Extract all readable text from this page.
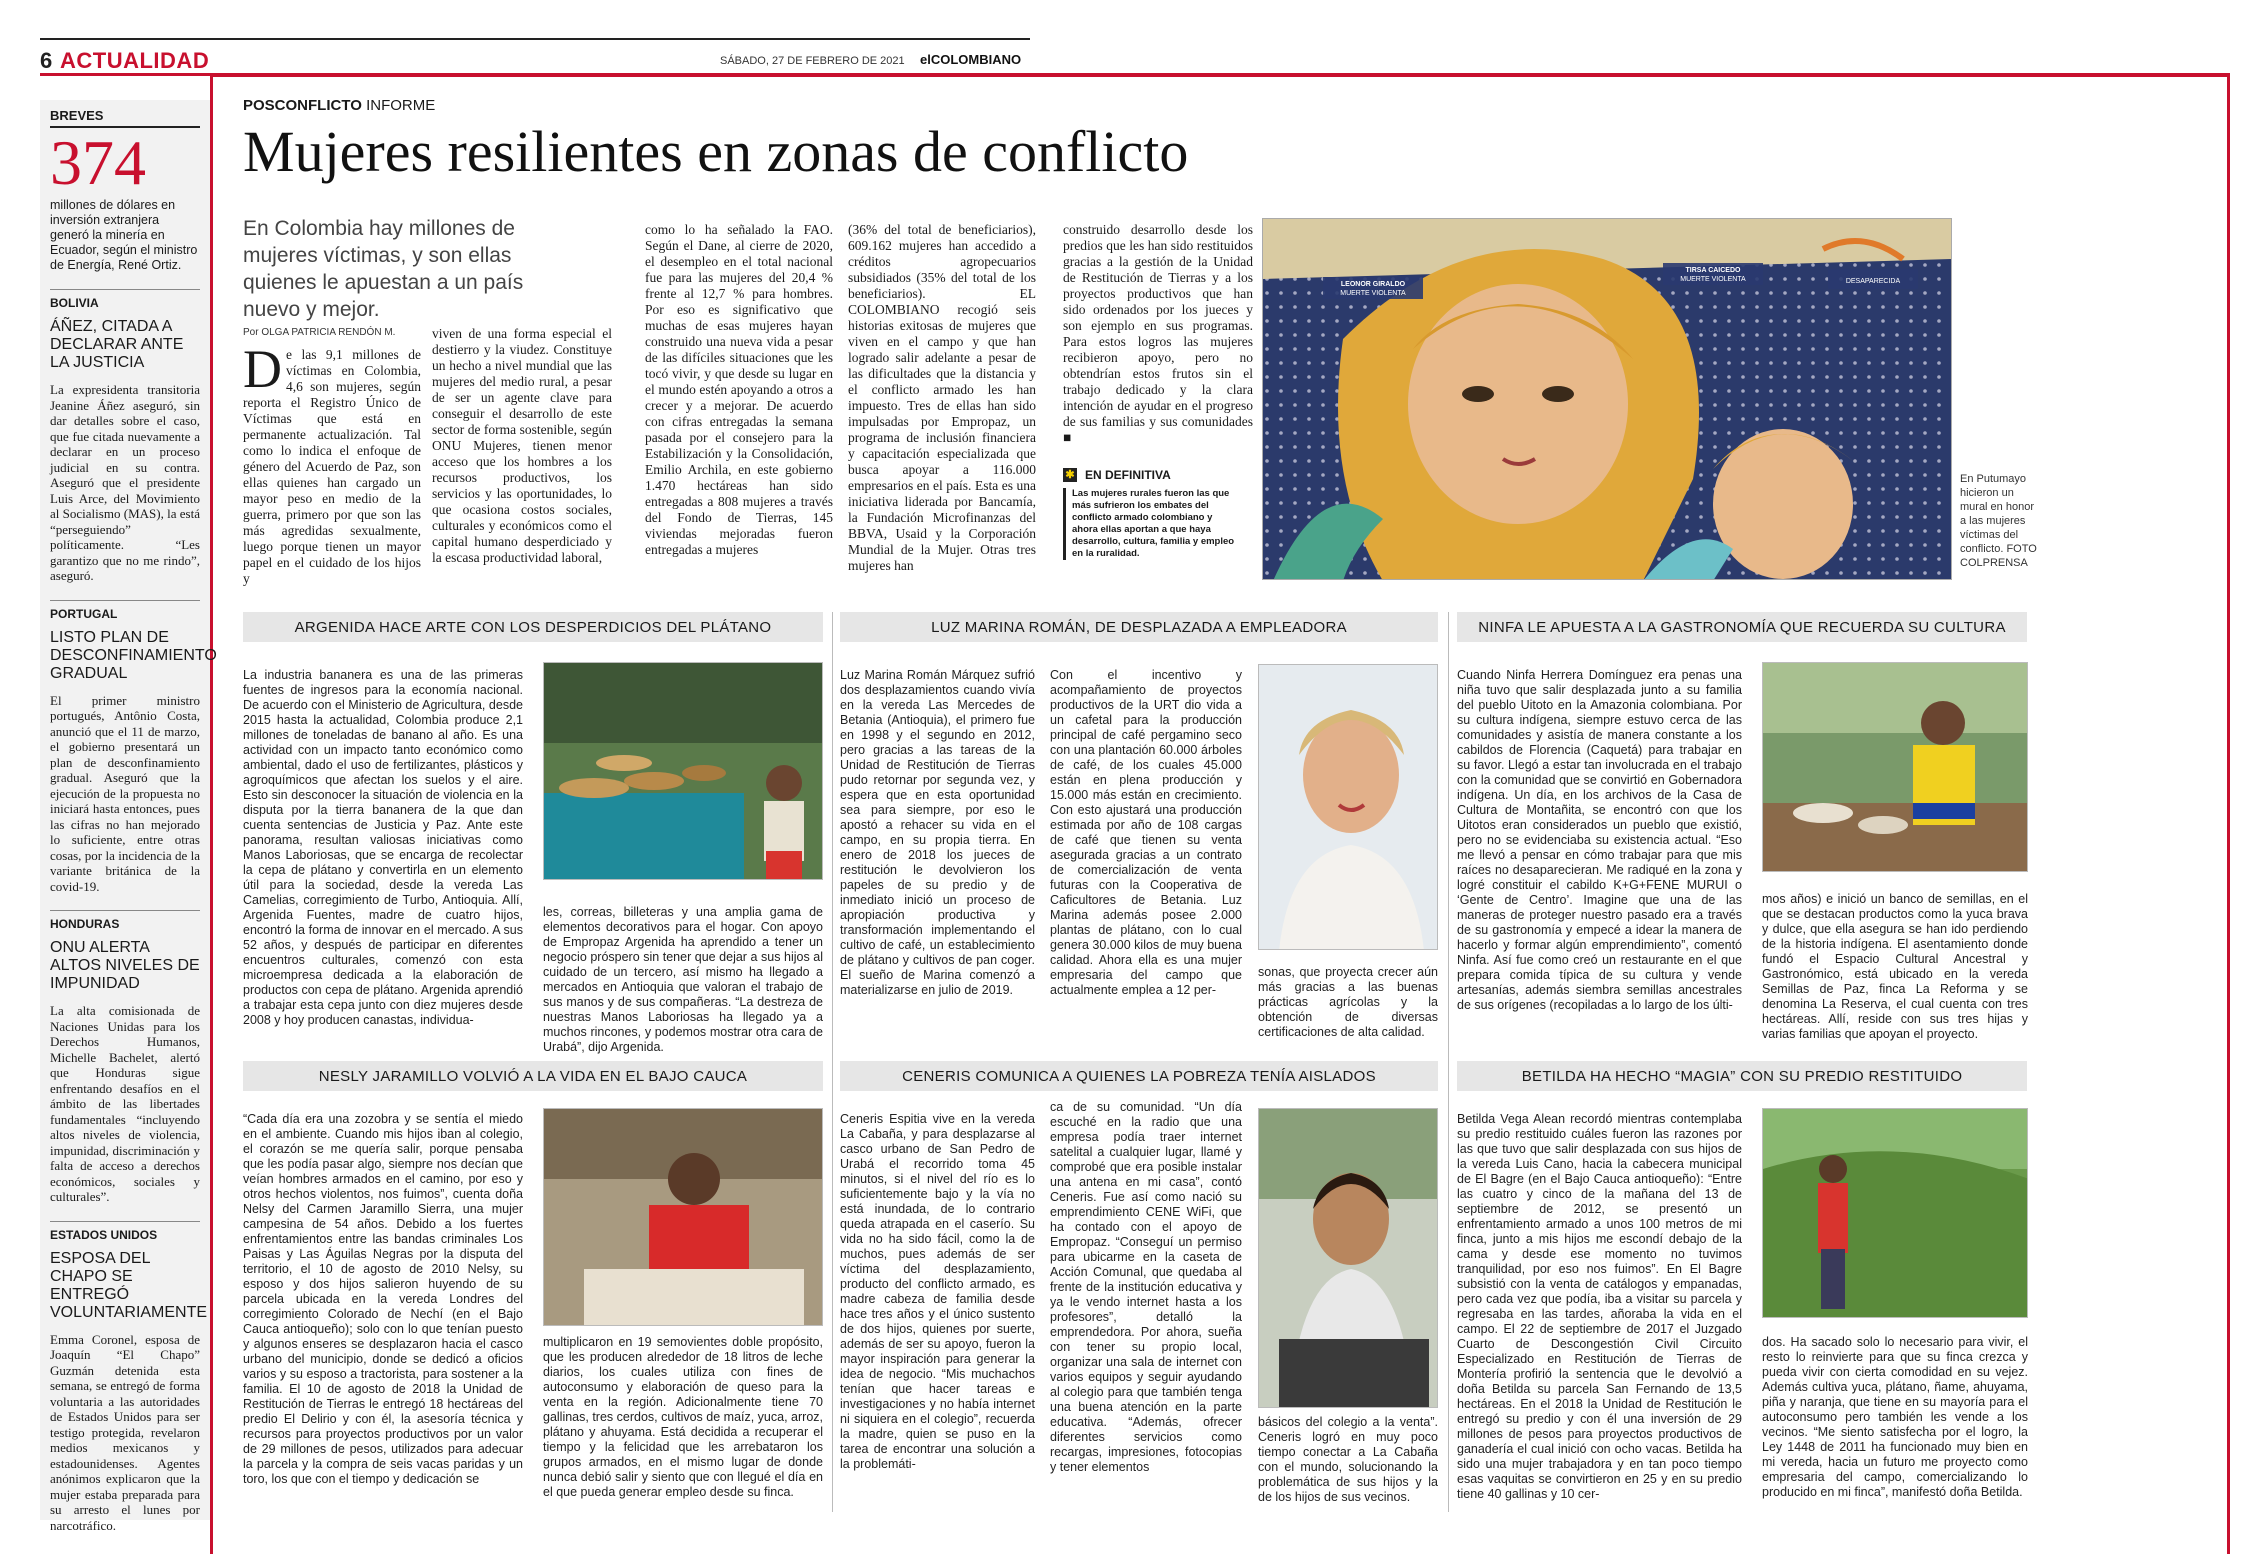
6 ACTUALIDAD	SÁBADO, 27 DE FEBRERO DE 2021 elCOLOMBIANO
BREVES
374
millones de dólares en inversión extranjera generó la minería en Ecuador, según el ministro de Energía, René Ortiz.
BOLIVIA
ÁÑEZ, CITADA A DECLARAR ANTE LA JUSTICIA
La expresidenta transitoria Jeanine Áñez aseguró, sin dar detalles sobre el caso, que fue citada nuevamente a declarar en un proceso judicial en su contra. Aseguró que el presidente Luis Arce, del Movimiento al Socialismo (MAS), la está “perseguiendo” políticamente. “Les garantizo que no me rindo”, aseguró.
PORTUGAL
LISTO PLAN DE DESCONFINAMIENTO GRADUAL
El primer ministro portugués, Antônio Costa, anunció que el 11 de marzo, el gobierno presentará un plan de desconfinamiento gradual. Aseguró que la ejecución de la propuesta no iniciará hasta entonces, pues las cifras no han mejorado lo suficiente, entre otras cosas, por la incidencia de la variante británica de la covid-19.
HONDURAS
ONU ALERTA ALTOS NIVELES DE IMPUNIDAD
La alta comisionada de Naciones Unidas para los Derechos Humanos, Michelle Bachelet, alertó que Honduras sigue enfrentando desafíos en el ámbito de las libertades fundamentales “incluyendo altos niveles de violencia, impunidad, discriminación y falta de acceso a derechos económicos, sociales y culturales”.
ESTADOS UNIDOS
ESPOSA DEL CHAPO SE ENTREGÓ VOLUNTARIAMENTE
Emma Coronel, esposa de Joaquín “El Chapo” Guzmán detenida esta semana, se entregó de forma voluntaria a las autoridades de Estados Unidos para ser testigo protegida, revelaron medios mexicanos y estadounidenses. Agentes anónimos explicaron que la mujer estaba preparada para su arresto el lunes por narcotráfico.
POSCONFLICTO INFORME
Mujeres resilientes en zonas de conflicto
En Colombia hay millones de mujeres víctimas, y son ellas quienes le apuestan a un país nuevo y mejor.
Por OLGA PATRICIA RENDÓN M.
De las 9,1 millones de víctimas en Colombia, 4,6 son mujeres, según reporta el Registro Único de Víctimas que está en permanente actualización. Tal como lo indica el enfoque de género del Acuerdo de Paz, son ellas quienes han cargado un mayor peso en medio de la guerra, primero por que son las más agredidas sexualmente, luego porque tienen un mayor papel en el cuidado de los hijos y
viven de una forma especial el destierro y la viudez. Constituye un hecho a nivel mundial que las mujeres del medio rural, a pesar de ser un agente clave para conseguir el desarrollo de este sector de forma sostenible, según ONU Mujeres, tienen menor acceso que los hombres a los recursos productivos, los servicios y las oportunidades, lo que ocasiona costos sociales, culturales y económicos como el capital humano desperdiciado y la escasa productividad laboral,
como lo ha señalado la FAO. Según el Dane, al cierre de 2020, el desempleo en el total nacional fue para las mujeres del 20,4 % frente al 12,7 % para hombres. Por eso es significativo que muchas de esas mujeres hayan construido una nueva vida a pesar de las difíciles situaciones que les tocó vivir, y que desde su lugar en el mundo estén apoyando a otros a crecer y a mejorar. De acuerdo con cifras entregadas la semana pasada por el consejero para la Estabilización y la Consolidación, Emilio Archila, en este gobierno 1.470 hectáreas han sido entregadas a 808 mujeres a través del Fondo de Tierras, 145 viviendas mejoradas fueron entregadas a mujeres
(36% del total de beneficiarios), 609.162 mujeres han accedido a créditos agropecuarios subsidiados (35% del total de los beneficiarios). EL COLOMBIANO recogió seis historias exitosas de mujeres que viven en el campo y que han logrado salir adelante a pesar de las dificultades que la distancia y el conflicto armado les han impuesto. Tres de ellas han sido impulsadas por Empropaz, un programa de inclusión financiera y capacitación especializada que busca apoyar a 116.000 empresarios en el país. Esta es una iniciativa liderada por Bancamía, la Fundación Microfinanzas del BBVA, Usaid y la Corporación Mundial de la Mujer. Otras tres mujeres han
construido desarrollo desde los predios que les han sido restituidos gracias a la gestión de la Unidad de Restitución de Tierras y a los proyectos productivos que han sido ordenados por los jueces y son ejemplo en sus programas. Para estos logros las mujeres recibieron apoyo, pero no obtendrían estos frutos sin el trabajo dedicado y la clara intención de ayudar en el progreso de sus familias y sus comunidades ■
✱ EN DEFINITIVA
Las mujeres rurales fueron las que más sufrieron los embates del conflicto armado colombiano y ahora ellas aportan a que haya desarrollo, cultura, familia y empleo en la ruralidad.
LEONOR GIRALDO
MUERTE VIOLENTA
TIRSA CAICEDO
MUERTE VIOLENTA	DESAPARECIDA
En Putumayo hicieron un mural en honor a las mujeres víctimas del conflicto. FOTO COLPRENSA
ARGENIDA HACE ARTE CON LOS DESPERDICIOS DEL PLÁTANO	LUZ MARINA ROMÁN, DE DESPLAZADA A EMPLEADORA	NINFA LE APUESTA A LA GASTRONOMÍA QUE RECUERDA SU CULTURA
La industria bananera es una de las primeras fuentes de ingresos para la economía nacional. De acuerdo con el Ministerio de Agricultura, desde 2015 hasta la actualidad, Colombia produce 2,1 millones de toneladas de banano al año. Es una actividad con un impacto tanto económico como ambiental, dado el uso de fertilizantes, plásticos y agroquímicos que afectan los suelos y el aire. Esto sin desconocer la situación de violencia en la disputa por la tierra bananera de la que dan cuenta sentencias de Justicia y Paz. Ante este panorama, resultan valiosas iniciativas como Manos Laboriosas, que se encarga de recolectar la cepa de plátano y convertirla en un elemento útil para la sociedad, desde la vereda Las Camelias, corregimiento de Turbo, Antioquia. Allí, Argenida Fuentes, madre de cuatro hijos, encontró la forma de innovar en el mercado. A sus 52 años, y después de participar en diferentes encuentros culturales, comenzó con esta microempresa dedicada a la elaboración de productos con cepa de plátano. Argenida aprendió a trabajar esta cepa junto con diez mujeres desde 2008 y hoy producen canastas, individua-
les, correas, billeteras y una amplia gama de elementos decorativos para el hogar. Con apoyo de Empropaz Argenida ha aprendido a tener un negocio próspero sin tener que dejar a sus hijos al cuidado de un tercero, así mismo ha llegado a mercados en Antioquia que valoran el trabajo de sus manos y de sus compañeras. “La destreza de nuestras Manos Laboriosas ha llegado ya a muchos rincones, y podemos mostrar otra cara de Urabá”, dijo Argenida.
Luz Marina Román Márquez sufrió dos desplazamientos cuando vivía en la vereda Las Mercedes de Betania (Antioquia), el primero fue en 1998 y el segundo en 2012, pero gracias a las tareas de la Unidad de Restitución de Tierras pudo retornar por segunda vez, y espera que en esta oportunidad sea para siempre, por eso le apostó a rehacer su vida en el campo, en su propia tierra. En enero de 2018 los jueces de restitución le devolvieron los papeles de su predio y de inmediato inició un proceso de apropiación productiva y transformación implementando el cultivo de café, un establecimiento de plátano y cultivos de pan coger. El sueño de Marina comenzó a materializarse en julio de 2019.
Con el incentivo y acompañamiento de proyectos productivos de la URT dio vida a un cafetal para la producción principal de café pergamino seco con una plantación 60.000 árboles de café, de los cuales 45.000 están en plena producción y 15.000 más están en crecimiento. Con esto ajustará una producción estimada por año de 108 cargas de café que tienen su venta asegurada gracias a un contrato de comercialización de venta futuras con la Cooperativa de Caficultores de Betania. Luz Marina además posee 2.000 plantas de plátano, con lo cual genera 30.000 kilos de muy buena calidad. Ahora ella es una mujer empresaria del campo que actualmente emplea a 12 per-
sonas, que proyecta crecer aún más gracias a las buenas prácticas agrícolas y la obtención de diversas certificaciones de alta calidad.
Cuando Ninfa Herrera Domínguez era penas una niña tuvo que salir desplazada junto a su familia del pueblo Uitoto en la Amazonia colombiana. Por su cultura indígena, siempre estuvo cerca de las comunidades y asistía de manera constante a los cabildos de Florencia (Caquetá) para trabajar en su favor. Llegó a estar tan involucrada en el trabajo con la comunidad que se convirtió en Gobernadora indígena. Un día, en los archivos de la Casa de Cultura de Montañita, se encontró con que los Uitotos eran considerados un pueblo que existió, pero no se evidenciaba su existencia actual. “Eso me llevó a pensar en cómo trabajar para que mis raíces no desaparecieran. Me radiqué en la zona y logré constituir el cabildo K+G+FENE MURUI o ‘Gente de Centro’. Imagine que una de las maneras de proteger nuestro pasado era a través de su gastronomía y empecé a idear la manera de hacerlo y formar algún emprendimiento”, comentó Ninfa. Así fue como creó un restaurante en el que prepara comida típica de su cultura y vende artesanías, además siembra semillas ancestrales de sus orígenes (recopiladas a lo largo de los últi-
mos años) e inició un banco de semillas, en el que se destacan productos como la yuca brava y dulce, que ella asegura se han ido perdiendo de la historia indígena. El asentamiento donde fundó el Espacio Cultural Ancestral y Gastronómico, está ubicado en la vereda Semillas de Paz, finca La Reforma y se denomina La Reserva, el cual cuenta con tres hectáreas. Allí, reside con sus tres hijas y varias familias que apoyan el proyecto.
NESLY JARAMILLO VOLVIÓ A LA VIDA EN EL BAJO CAUCA	CENERIS COMUNICA A QUIENES LA POBREZA TENÍA AISLADOS	BETILDA HA HECHO “MAGIA” CON SU PREDIO RESTITUIDO
“Cada día era una zozobra y se sentía el miedo en el ambiente. Cuando mis hijos iban al colegio, el corazón se me quería salir, porque pensaba que les podía pasar algo, siempre nos decían que veían hombres armados en el camino, por eso y otros hechos violentos, nos fuimos”, cuenta doña Nelsy del Carmen Jaramillo Sierra, una mujer campesina de 54 años. Debido a los fuertes enfrentamientos entre las bandas criminales Los Paisas y Las Águilas Negras por la disputa del territorio, el 10 de agosto de 2010 Nelsy, su esposo y dos hijos salieron huyendo de su parcela ubicada en la vereda Londres del corregimiento Colorado de Nechí (en el Bajo Cauca antioqueño); solo con lo que tenían puesto y algunos enseres se desplazaron hacia el casco urbano del municipio, donde se dedicó a oficios varios y su esposo a tractorista, para sostener a la familia. El 10 de agosto de 2018 la Unidad de Restitución de Tierras le entregó 18 hectáreas del predio El Delirio y con él, la asesoría técnica y recursos para proyectos productivos por un valor de 29 millones de pesos, utilizados para adecuar la parcela y la compra de seis vacas paridas y un toro, los que con el tiempo y dedicación se
multiplicaron en 19 semovientes doble propósito, que les producen alrededor de 18 litros de leche diarios, los cuales utiliza con fines de autoconsumo y elaboración de queso para la venta en la región. Adicionalmente tiene 70 gallinas, tres cerdos, cultivos de maíz, yuca, arroz, plátano y ahuyama. Está decidida a recuperar el tiempo y la felicidad que les arrebataron los grupos armados, en el mismo lugar de donde nunca debió salir y siento que con llegué el día en el que pueda generar empleo desde su finca.
Ceneris Espitia vive en la vereda La Cabaña, y para desplazarse al casco urbano de San Pedro de Urabá el recorrido toma 45 minutos, si el nivel del río es lo suficientemente bajo y la vía no está inundada, de lo contrario queda atrapada en el caserío. Su vida no ha sido fácil, como la de muchos, pues además de ser víctima del desplazamiento, producto del conflicto armado, es madre cabeza de familia desde hace tres años y el único sustento de dos hijos, quienes por suerte, además de ser su apoyo, fueron la mayor inspiración para generar la idea de negocio. “Mis muchachos tenían que hacer tareas e investigaciones y no había internet ni siquiera en el colegio”, recuerda la madre, quien se puso en la tarea de encontrar una solución a la problemáti-
ca de su comunidad. “Un día escuché en la radio que una empresa podía traer internet satelital a cualquier lugar, llamé y comprobé que era posible instalar una antena en mi casa”, contó Ceneris. Fue así como nació su emprendimiento CENE WiFi, que ha contado con el apoyo de Empropaz. “Conseguí un permiso para ubicarme en la caseta de Acción Comunal, que quedaba al frente de la institución educativa y ya le vendo internet hasta a los profesores”, detalló la emprendedora. Por ahora, sueña con tener su propio local, organizar una sala de internet con varios equipos y seguir ayudando al colegio para que también tenga una buena atención en la parte educativa. “Además, ofrecer diferentes servicios como recargas, impresiones, fotocopias y tener elementos
básicos del colegio a la venta”. Ceneris logró en muy poco tiempo conectar a La Cabaña con el mundo, solucionando la problemática de sus hijos y la de los hijos de sus vecinos.
Betilda Vega Alean recordó mientras contemplaba su predio restituido cuáles fueron las razones por las que tuvo que salir desplazada con sus hijos de la vereda Luis Cano, hacia la cabecera municipal de El Bagre (en el Bajo Cauca antioqueño): “Entre las cuatro y cinco de la mañana del 13 de septiembre de 2012, se presentó un enfrentamiento armado a unos 100 metros de mi finca, junto a mis hijos me escondí debajo de la cama y desde ese momento no tuvimos tranquilidad, por eso nos fuimos”. En El Bagre subsistió con la venta de catálogos y empanadas, pero cada vez que podía, iba a visitar su parcela y regresaba en las tardes, añoraba la vida en el campo. El 22 de septiembre de 2017 el Juzgado Cuarto de Descongestión Civil Circuito Especializado en Restitución de Tierras de Montería profirió la sentencia que le devolvió a doña Betilda su parcela San Fernando de 13,5 hectáreas. En el 2018 la Unidad de Restitución le entregó su predio y con él una inversión de 29 millones de pesos para proyectos productivos de ganadería el cual inició con ocho vacas. Betilda ha sido una mujer trabajadora y en tan poco tiempo esas vaquitas se convirtieron en 25 y en su predio tiene 40 gallinas y 10 cer-
dos. Ha sacado solo lo necesario para vivir, el resto lo reinvierte para que su finca crezca y pueda vivir con cierta comodidad en su vejez. Además cultiva yuca, plátano, ñame, ahuyama, piña y naranja, que tiene en su mayoría para el autoconsumo pero también les vende a los vecinos. “Me siento satisfecha por el logro, la Ley 1448 de 2011 ha funcionado muy bien en mi vereda, hacia un futuro me proyecto como empresaria del campo, comercializando lo producido en mi finca”, manifestó doña Betilda.
